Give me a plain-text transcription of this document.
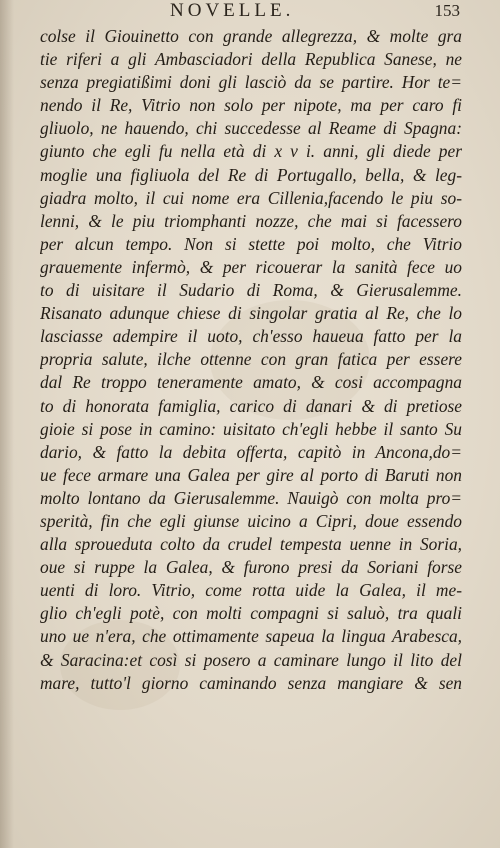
NOVELLE.	153
colse il Giouinetto con grande allegrezza, & molte gra
tie riferi a gli Ambasciadori della Republica Sanese, ne
senza pregiatißimi doni gli lasciò da se partire. Hor te=
nendo il Re, Vitrio non solo per nipote, ma per caro fi
gliuolo, ne hauendo, chi succedesse al Reame di Spagna:
giunto che egli fu nella età di x v i. anni, gli diede per
moglie una figliuola del Re di Portugallo, bella, & leg-
giadra molto, il cui nome era Cillenia,facendo le piu so-
lenni, & le piu triomphanti nozze, che mai si facessero
per alcun tempo. Non si stette poi molto, che Vitrio
grauemente infermò, & per ricouerar la sanità fece uo
to di uisitare il Sudario di Roma, & Gierusalemme.
Risanato adunque chiese di singolar gratia al Re, che lo
lasciasse adempire il uoto, ch'esso haueua fatto per la
propria salute, ilche ottenne con gran fatica per essere
dal Re troppo teneramente amato, & cosi accompagna
to di honorata famiglia, carico di danari & di pretiose
gioie si pose in camino: uisitato ch'egli hebbe il santo Su
dario, & fatto la debita offerta, capitò in Ancona,do=
ue fece armare una Galea per gire al porto di Baruti non
molto lontano da Gierusalemme. Nauigò con molta pro=
sperità, fin che egli giunse uicino a Cipri, doue essendo
alla sproueduta colto da crudel tempesta uenne in Soria,
oue si ruppe la Galea, & furono presi da Soriani forse
uenti di loro. Vitrio, come rotta uide la Galea, il me-
glio ch'egli potè, con molti compagni si saluò, tra quali
uno ue n'era, che ottimamente sapeua la lingua Arabesca,
& Saracina:et così si posero a caminare lungo il lito del
mare, tutto'l giorno caminando senza mangiare & sen
